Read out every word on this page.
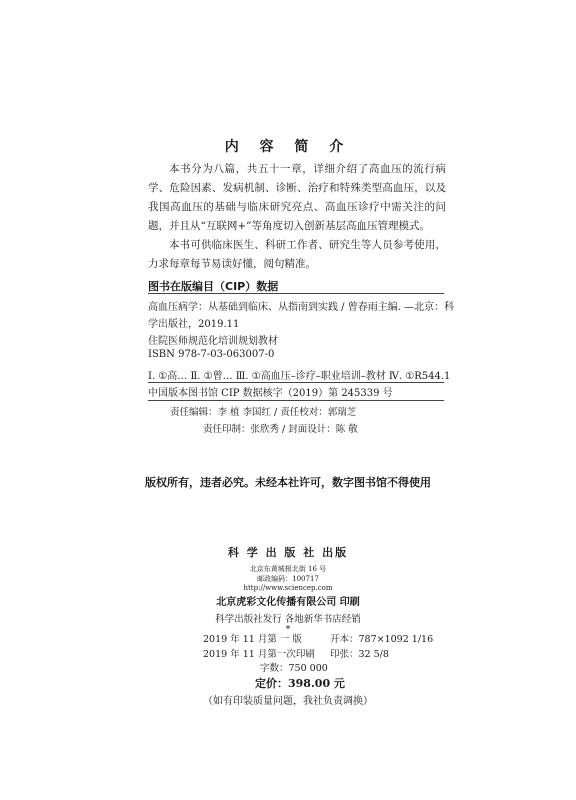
内 容 简 介
本书分为八篇，共五十一章，详细介绍了高血压的流行病学、危险因素、发病机制、诊断、治疗和特殊类型高血压，以及我国高血压的基础与临床研究亮点、高血压诊疗中需关注的问题，并且从“互联网+”等角度切入创新基层高血压管理模式。
本书可供临床医生、科研工作者、研究生等人员参考使用，力求每章每节易读好懂，阅句精准。
图书在版编目（CIP）数据
高血压病学：从基础到临床、从指南到实践 / 曾春雨主编. —北京：科
学出版社，2019.11
住院医师规范化培训规划教材
ISBN 978-7-03-063007-0
Ⅰ. ①高… Ⅱ. ①曾… Ⅲ. ①高血压–诊疗–职业培训–教材 Ⅳ. ①R544.1
中国版本图书馆 CIP 数据核字（2019）第 245339 号
责任编辑：李 植 李国红 / 责任校对：郭瑞芝
责任印制：张欣秀 / 封面设计：陈 敬
版权所有，违者必究。未经本社许可，数字图书馆不得使用
科 学 出 版 社 出版
北京东黄城根北街 16 号
邮政编码：100717
http://www.sciencep.com
北京虎彩文化传播有限公司 印刷
科学出版社发行 各地新华书店经销
*
2019 年 11 月第 一 版	开本：787×1092 1/16
2019 年 11 月第一次印刷 印张：32 5/8
字数：750 000
定价：398.00 元
（如有印装质量问题，我社负责调换）
